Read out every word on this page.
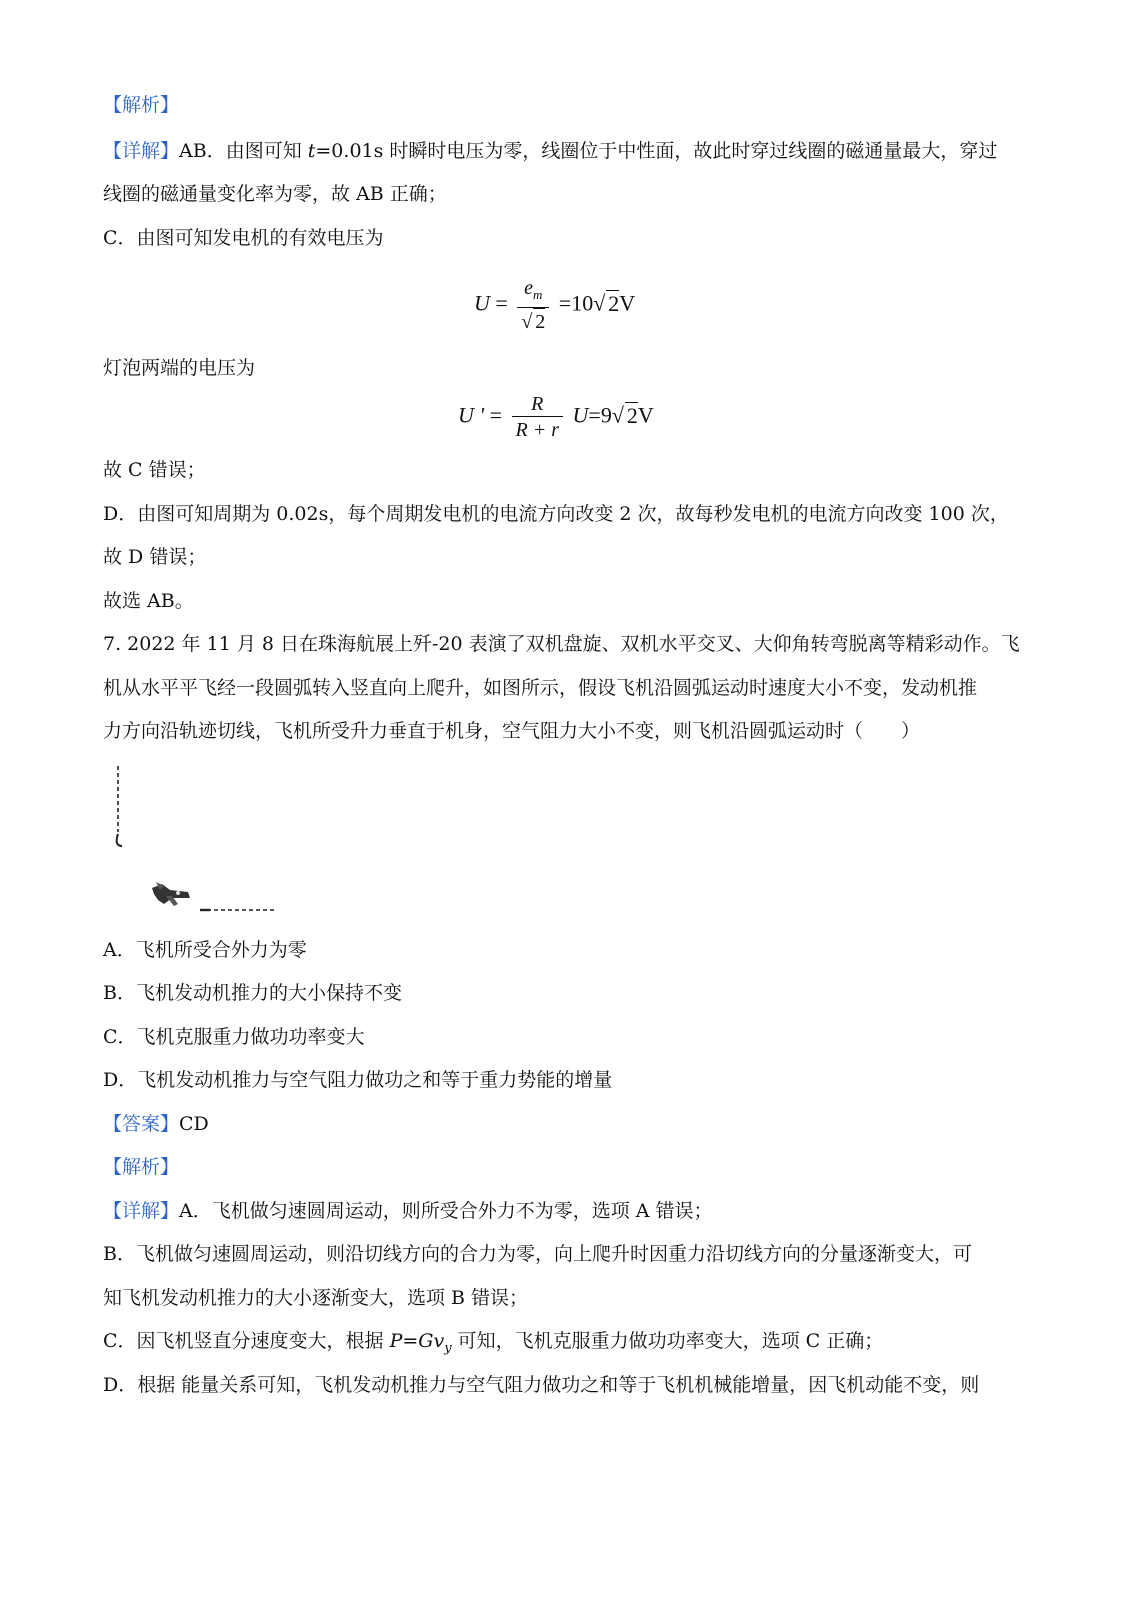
【解析】
【详解】AB．由图可知 t=0.01s 时瞬时电压为零，线圈位于中性面，故此时穿过线圈的磁通量最大，穿过
线圈的磁通量变化率为零，故 AB 正确；
C．由图可知发电机的有效电压为
$U = \frac{e_m}{√ 2} =10√$ 2V
灯泡两端的电压为
U ' = $\frac{R}{R + r} U=9√$ 2V
故 C 错误；
D．由图可知周期为 0.02s，每个周期发电机的电流方向改变 2 次，故每秒发电机的电流方向改变 100 次，
故 D 错误；
故选 AB。
7. 2022 年 11 月 8 日在珠海航展上歼-20 表演了双机盘旋、双机水平交叉、大仰角转弯脱离等精彩动作。飞
机从水平平飞经一段圆弧转入竖直向上爬升，如图所示，假设飞机沿圆弧运动时速度大小不变，发动机推
力方向沿轨迹切线，飞机所受升力垂直于机身，空气阻力大小不变，则飞机沿圆弧运动时（　　）
A．飞机所受合外力为零
B．飞机发动机推力的大小保持不变
C．飞机克服重力做功功率变大
D．飞机发动机推力与空气阻力做功之和等于重力势能的增量
【答案】CD
【解析】
【详解】A．飞机做匀速圆周运动，则所受合外力不为零，选项 A 错误；
B．飞机做匀速圆周运动，则沿切线方向的合力为零，向上爬升时因重力沿切线方向的分量逐渐变大，可
知飞机发动机推力的大小逐渐变大，选项 B 错误；
C．因飞机竖直分速度变大，根据 $P=Gv_y$ 可知，飞机克服重力做功功率变大，选项 C 正确；
D．根据 能量关系可知，飞机发动机推力与空气阻力做功之和等于飞机机械能增量，因飞机动能不变，则
